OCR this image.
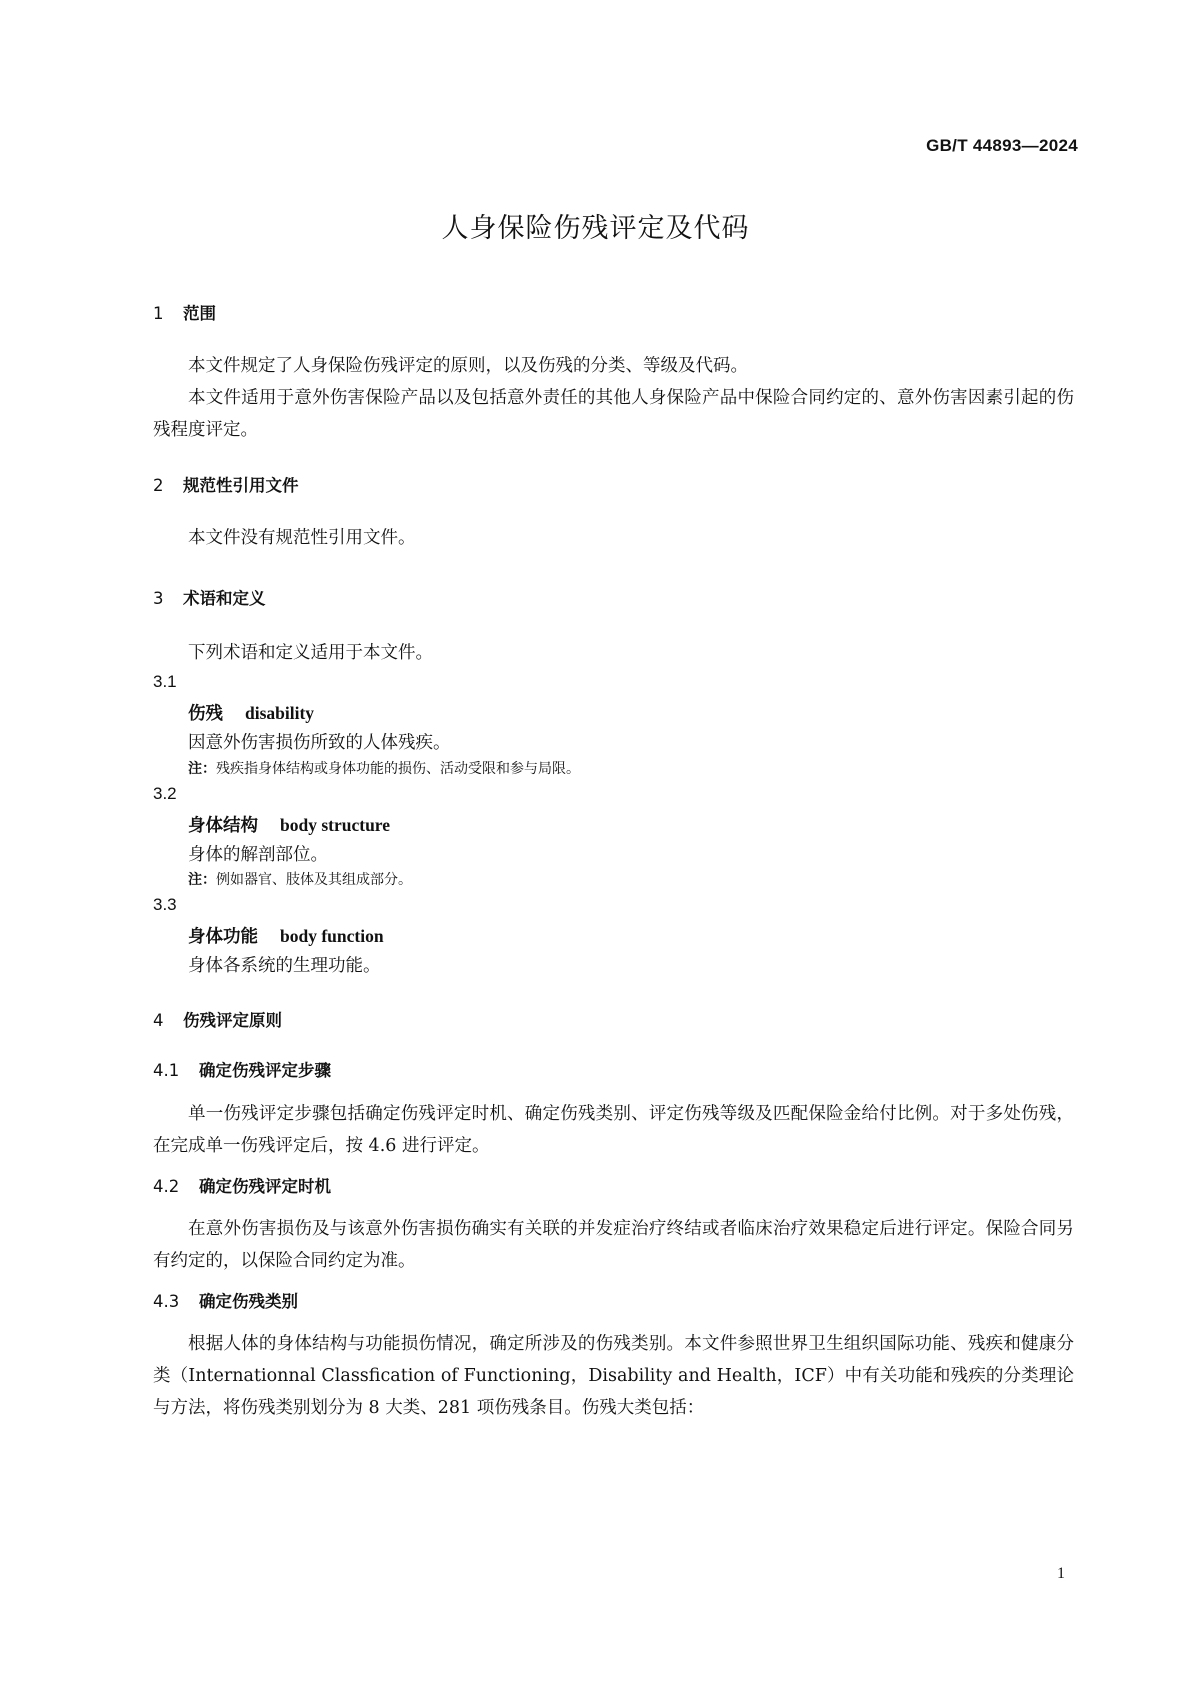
GB/T 44893—2024
人身保险伤残评定及代码
1 范围
本文件规定了人身保险伤残评定的原则，以及伤残的分类、等级及代码。
本文件适用于意外伤害保险产品以及包括意外责任的其他人身保险产品中保险合同约定的、意外伤害因素引起的伤残程度评定。
2 规范性引用文件
本文件没有规范性引用文件。
3 术语和定义
下列术语和定义适用于本文件。
3.1
伤残 disability
因意外伤害损伤所致的人体残疾。
注：残疾指身体结构或身体功能的损伤、活动受限和参与局限。
3.2
身体结构 body structure
身体的解剖部位。
注：例如器官、肢体及其组成部分。
3.3
身体功能 body function
身体各系统的生理功能。
4 伤残评定原则
4.1 确定伤残评定步骤
单一伤残评定步骤包括确定伤残评定时机、确定伤残类别、评定伤残等级及匹配保险金给付比例。对于多处伤残，在完成单一伤残评定后，按 4.6 进行评定。
4.2 确定伤残评定时机
在意外伤害损伤及与该意外伤害损伤确实有关联的并发症治疗终结或者临床治疗效果稳定后进行评定。保险合同另有约定的，以保险合同约定为准。
4.3 确定伤残类别
根据人体的身体结构与功能损伤情况，确定所涉及的伤残类别。本文件参照世界卫生组织国际功能、残疾和健康分类（Internationnal Classfication of Functioning，Disability and Health，ICF）中有关功能和残疾的分类理论与方法，将伤残类别划分为 8 大类、281 项伤残条目。伤残大类包括：
1
